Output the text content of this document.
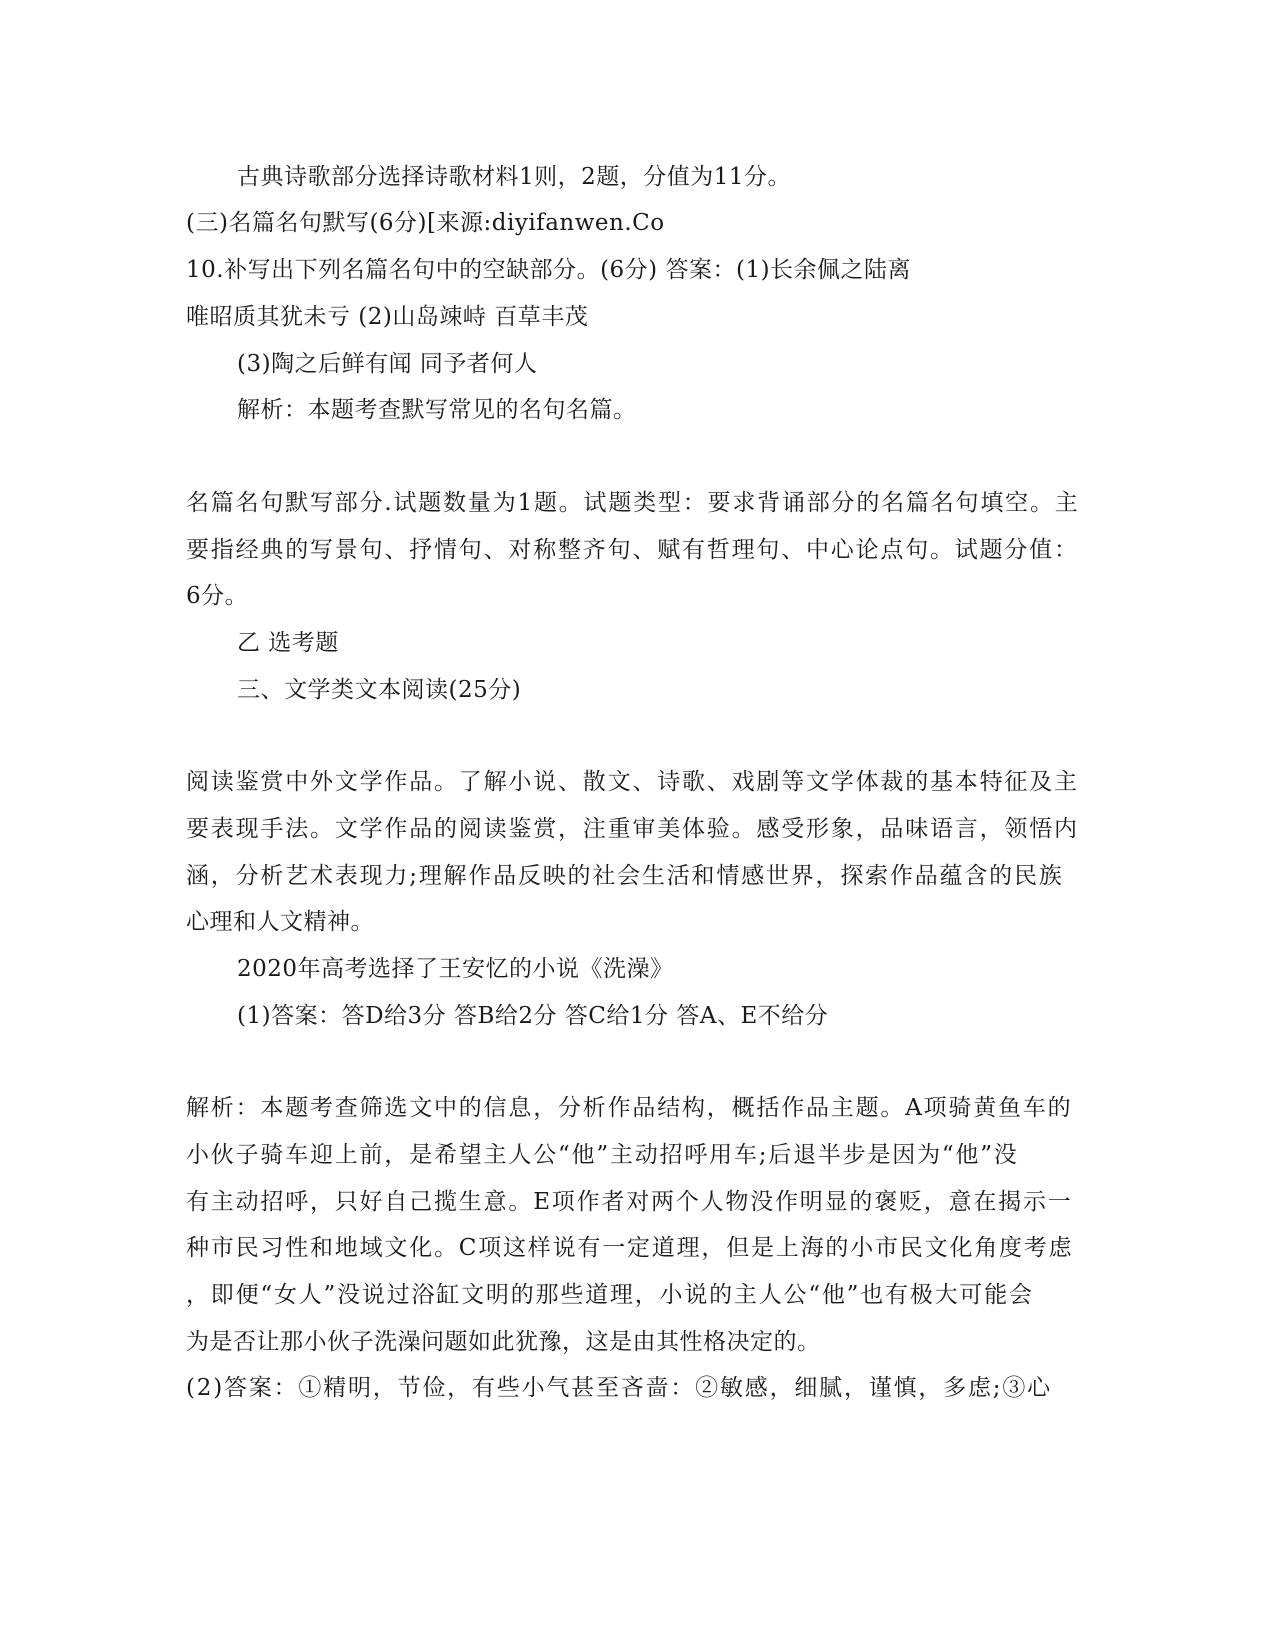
古典诗歌部分选择诗歌材料1则，2题，分值为11分。
(三)名篇名句默写(6分)[来源:diyifanwen.Co
10.补写出下列名篇名句中的空缺部分。(6分) 答案：(1)长余佩之陆离
唯昭质其犹未亏 (2)山岛竦峙 百草丰茂
(3)陶之后鲜有闻 同予者何人
解析：本题考查默写常见的名句名篇。
名篇名句默写部分.试题数量为1题。试题类型：要求背诵部分的名篇名句填空。主
要指经典的写景句、抒情句、对称整齐句、赋有哲理句、中心论点句。试题分值：
6分。
乙 选考题
三、文学类文本阅读(25分)
阅读鉴赏中外文学作品。了解小说、散文、诗歌、戏剧等文学体裁的基本特征及主
要表现手法。文学作品的阅读鉴赏，注重审美体验。感受形象，品味语言，领悟内
涵，分析艺术表现力;理解作品反映的社会生活和情感世界，探索作品蕴含的民族
心理和人文精神。
2020年高考选择了王安忆的小说《洗澡》
(1)答案：答D给3分 答B给2分 答C给1分 答A、E不给分
解析：本题考查筛选文中的信息，分析作品结构，概括作品主题。A项骑黄鱼车的
小伙子骑车迎上前，是希望主人公“他”主动招呼用车;后退半步是因为“他”没
有主动招呼，只好自己揽生意。E项作者对两个人物没作明显的褒贬，意在揭示一
种市民习性和地域文化。C项这样说有一定道理，但是上海的小市民文化角度考虑
，即便“女人”没说过浴缸文明的那些道理，小说的主人公“他”也有极大可能会
为是否让那小伙子洗澡问题如此犹豫，这是由其性格决定的。
(2)答案：①精明，节俭，有些小气甚至吝啬：②敏感，细腻，谨慎，多虑;③心
